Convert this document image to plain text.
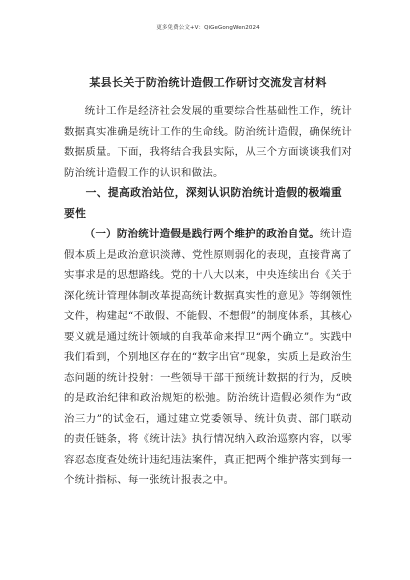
更多免费公文+V：QiGeGongWen2024
某县长关于防治统计造假工作研讨交流发言材料

统计工作是经济社会发展的重要综合性基础性工作，统计数据真实准确是统计工作的生命线。防治统计造假，确保统计数据质量。下面，我将结合我县实际，从三个方面谈谈我们对防治统计造假工作的认识和做法。

一、提高政治站位，深刻认识防治统计造假的极端重要性

（一）防治统计造假是践行两个维护的政治自觉。统计造假本质上是政治意识淡薄、党性原则弱化的表现，直接背离了实事求是的思想路线。党的十八大以来，中央连续出台《关于深化统计管理体制改革提高统计数据真实性的意见》等纲领性文件，构建起“不敢假、不能假、不想假”的制度体系，其核心要义就是通过统计领域的自我革命来捍卫“两个确立”。实践中我们看到，个别地区存在的“数字出官”现象，实质上是政治生态问题的统计投射：一些领导干部干预统计数据的行为，反映的是政治纪律和政治规矩的松弛。防治统计造假必须作为“政治三力”的试金石，通过建立党委领导、统计负责、部门联动的责任链条，将《统计法》执行情况纳入政治巡察内容，以零容忍态度查处统计违纪违法案件，真正把两个维护落实到每一个统计指标、每一张统计报表之中。
